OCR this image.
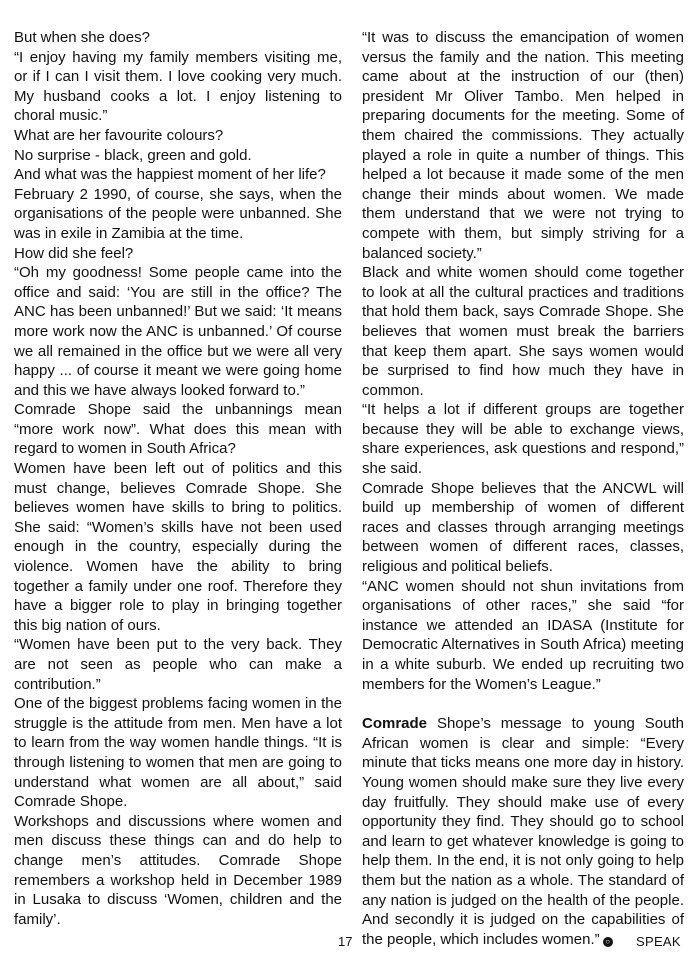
But when she does?

“I enjoy having my family members visiting me, or if I can I visit them. I love cooking very much. My husband cooks a lot. I enjoy listening to choral music.”

What are her favourite colours?

No surprise - black, green and gold.

And what was the happiest moment of her life?

February 2 1990, of course, she says, when the organisations of the people were unbanned. She was in exile in Zamibia at the time.

How did she feel?

“Oh my goodness! Some people came into the office and said: ‘You are still in the office? The ANC has been unbanned!’ But we said: ‘It means more work now the ANC is unbanned.’ Of course we all remained in the office but we were all very happy ... of course it meant we were going home and this we have always looked forward to.”

Comrade Shope said the unbannings mean “more work now”. What does this mean with regard to women in South Africa?

Women have been left out of politics and this must change, believes Comrade Shope. She believes women have skills to bring to politics. She said: “Women’s skills have not been used enough in the country, especially during the violence. Women have the ability to bring together a family under one roof. Therefore they have a bigger role to play in bringing together this big nation of ours.

“Women have been put to the very back. They are not seen as people who can make a contribution.”

One of the biggest problems facing women in the struggle is the attitude from men. Men have a lot to learn from the way women handle things. “It is through listening to women that men are going to understand what women are all about,” said Comrade Shope.

Workshops and discussions where women and men discuss these things can and do help to change men’s attitudes. Comrade Shope remembers a workshop held in December 1989 in Lusaka to discuss ‘Women, children and the family’.

“It was to discuss the emancipation of women versus the family and the nation. This meeting came about at the instruction of our (then) president Mr Oliver Tambo. Men helped in preparing documents for the meeting. Some of them chaired the commissions. They actually played a role in quite a number of things. This helped a lot because it made some of the men change their minds about women. We made them understand that we were not trying to compete with them, but simply striving for a balanced society.”

Black and white women should come together to look at all the cultural practices and traditions that hold them back, says Comrade Shope. She believes that women must break the barriers that keep them apart. She says women would be surprised to find how much they have in common.

“It helps a lot if different groups are together because they will be able to exchange views, share experiences, ask questions and respond,” she said.

Comrade Shope believes that the ANCWL will build up membership of women of different races and classes through arranging meetings between women of different races, classes, religious and political beliefs.

“ANC women should not shun invitations from organisations of other races,” she said “for instance we attended an IDASA (Institute for Democratic Alternatives in South Africa) meeting in a white suburb. We ended up recruiting two members for the Women’s League.”

Comrade Shope’s message to young South African women is clear and simple: “Every minute that ticks means one more day in history. Young women should make sure they live every day fruitfully. They should make use of every opportunity they find. They should go to school and learn to get whatever knowledge is going to help them. In the end, it is not only going to help them but the nation as a whole. The standard of any nation is judged on the health of the people. And secondly it is judged on the capabilities of the people, which includes women.” ○

17	SPEAK
